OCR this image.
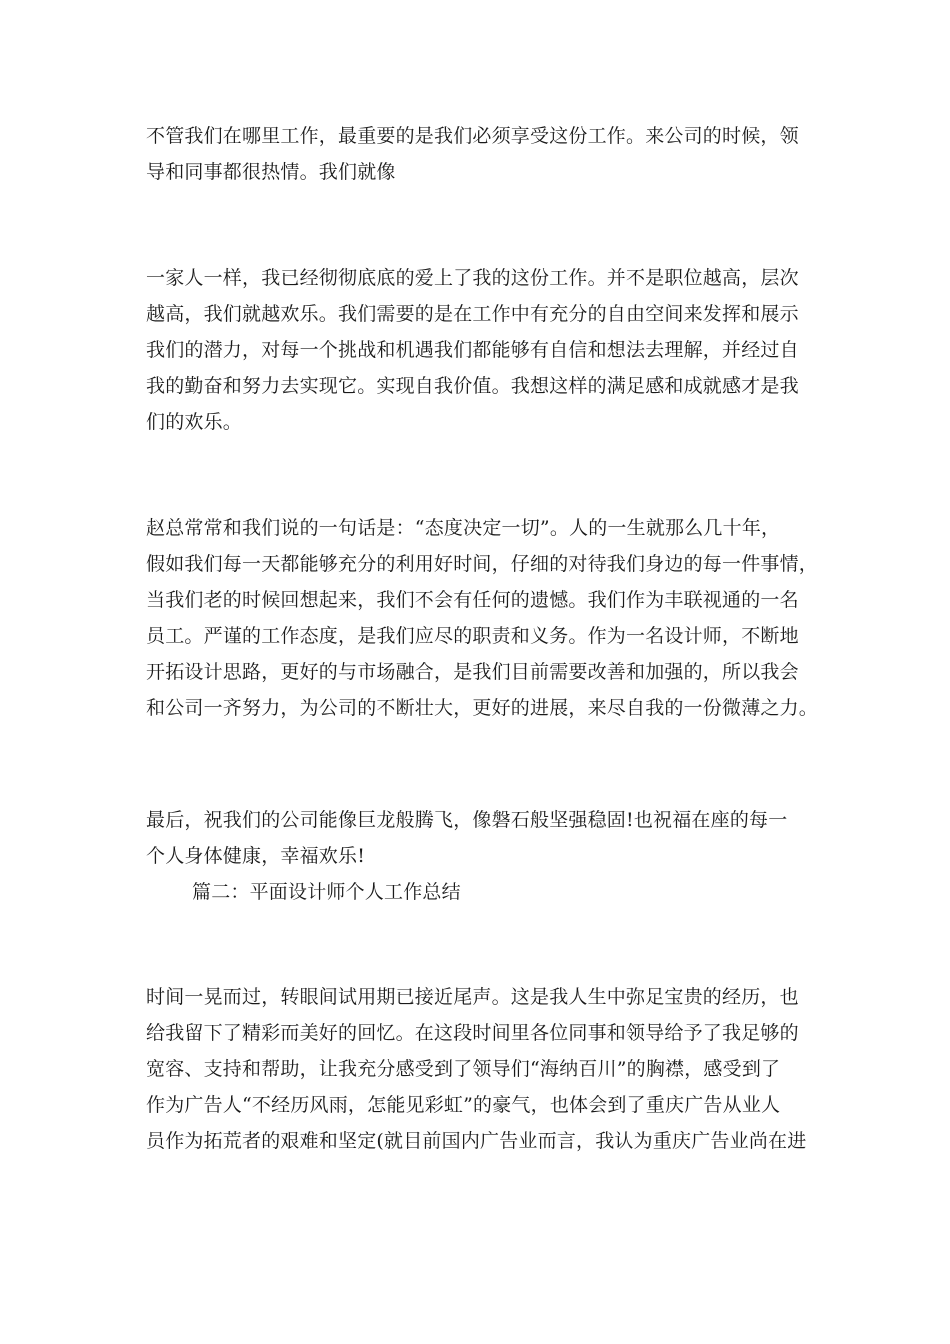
不管我们在哪里工作，最重要的是我们必须享受这份工作。来公司的时候，领
导和同事都很热情。我们就像
一家人一样，我已经彻彻底底的爱上了我的这份工作。并不是职位越高，层次
越高，我们就越欢乐。我们需要的是在工作中有充分的自由空间来发挥和展示
我们的潜力，对每一个挑战和机遇我们都能够有自信和想法去理解，并经过自
我的勤奋和努力去实现它。实现自我价值。我想这样的满足感和成就感才是我
们的欢乐。
赵总常常和我们说的一句话是：“态度决定一切”。人的一生就那么几十年，
假如我们每一天都能够充分的利用好时间，仔细的对待我们身边的每一件事情，
当我们老的时候回想起来，我们不会有任何的遗憾。我们作为丰联视通的一名
员工。严谨的工作态度，是我们应尽的职责和义务。作为一名设计师，不断地
开拓设计思路，更好的与市场融合，是我们目前需要改善和加强的，所以我会
和公司一齐努力，为公司的不断壮大，更好的进展，来尽自我的一份微薄之力。
最后，祝我们的公司能像巨龙般腾飞，像磐石般坚强稳固!也祝福在座的每一
个人身体健康，幸福欢乐!
篇二：平面设计师个人工作总结
时间一晃而过，转眼间试用期已接近尾声。这是我人生中弥足宝贵的经历，也
给我留下了精彩而美好的回忆。在这段时间里各位同事和领导给予了我足够的
宽容、支持和帮助，让我充分感受到了领导们“海纳百川”的胸襟，感受到了
作为广告人“不经历风雨，怎能见彩虹”的豪气，也体会到了重庆广告从业人
员作为拓荒者的艰难和坚定(就目前国内广告业而言，我认为重庆广告业尚在进
